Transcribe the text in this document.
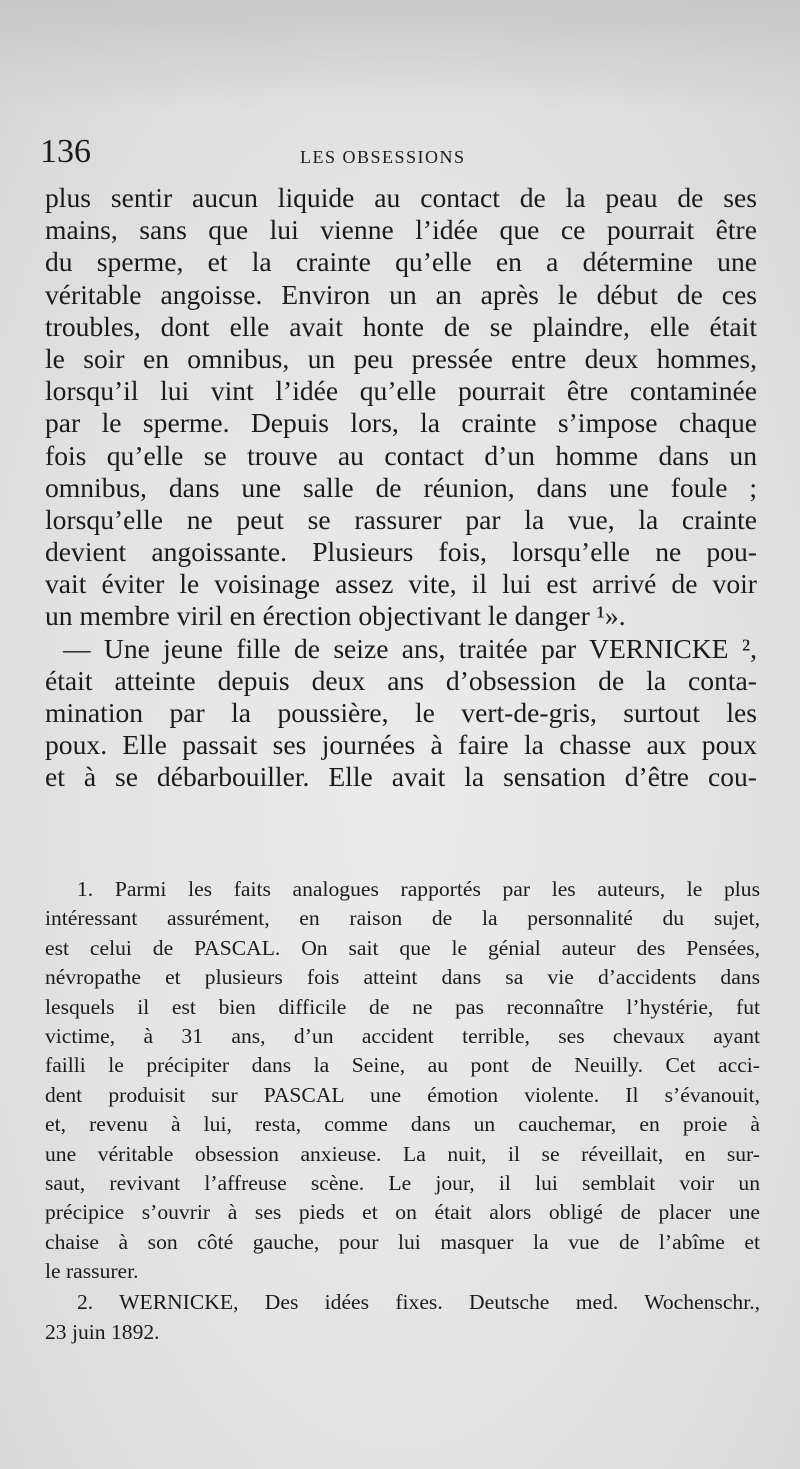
136	LES OBSESSIONS
plus sentir aucun liquide au contact de la peau de ses
mains, sans que lui vienne l’idée que ce pourrait être
du sperme, et la crainte qu’elle en a détermine une
véritable angoisse. Environ un an après le début de ces
troubles, dont elle avait honte de se plaindre, elle était
le soir en omnibus, un peu pressée entre deux hommes,
lorsqu’il lui vint l’idée qu’elle pourrait être contaminée
par le sperme. Depuis lors, la crainte s’impose chaque
fois qu’elle se trouve au contact d’un homme dans un
omnibus, dans une salle de réunion, dans une foule ;
lorsqu’elle ne peut se rassurer par la vue, la crainte
devient angoissante. Plusieurs fois, lorsqu’elle ne pou-
vait éviter le voisinage assez vite, il lui est arrivé de voir
un membre viril en érection objectivant le danger ¹».
— Une jeune fille de seize ans, traitée par VERNICKE ²,
était atteinte depuis deux ans d’obsession de la conta-
mination par la poussière, le vert-de-gris, surtout les
poux. Elle passait ses journées à faire la chasse aux poux
et à se débarbouiller. Elle avait la sensation d’être cou-
1. Parmi les faits analogues rapportés par les auteurs, le plus
intéressant assurément, en raison de la personnalité du sujet,
est celui de PASCAL. On sait que le génial auteur des Pensées,
névropathe et plusieurs fois atteint dans sa vie d’accidents dans
lesquels il est bien difficile de ne pas reconnaître l’hystérie, fut
victime, à 31 ans, d’un accident terrible, ses chevaux ayant
failli le précipiter dans la Seine, au pont de Neuilly. Cet acci-
dent produisit sur PASCAL une émotion violente. Il s’évanouit,
et, revenu à lui, resta, comme dans un cauchemar, en proie à
une véritable obsession anxieuse. La nuit, il se réveillait, en sur-
saut, revivant l’affreuse scène. Le jour, il lui semblait voir un
précipice s’ouvrir à ses pieds et on était alors obligé de placer une
chaise à son côté gauche, pour lui masquer la vue de l’abîme et
le rassurer.
2. WERNICKE, Des idées fixes. Deutsche med. Wochenschr.,
23 juin 1892.
